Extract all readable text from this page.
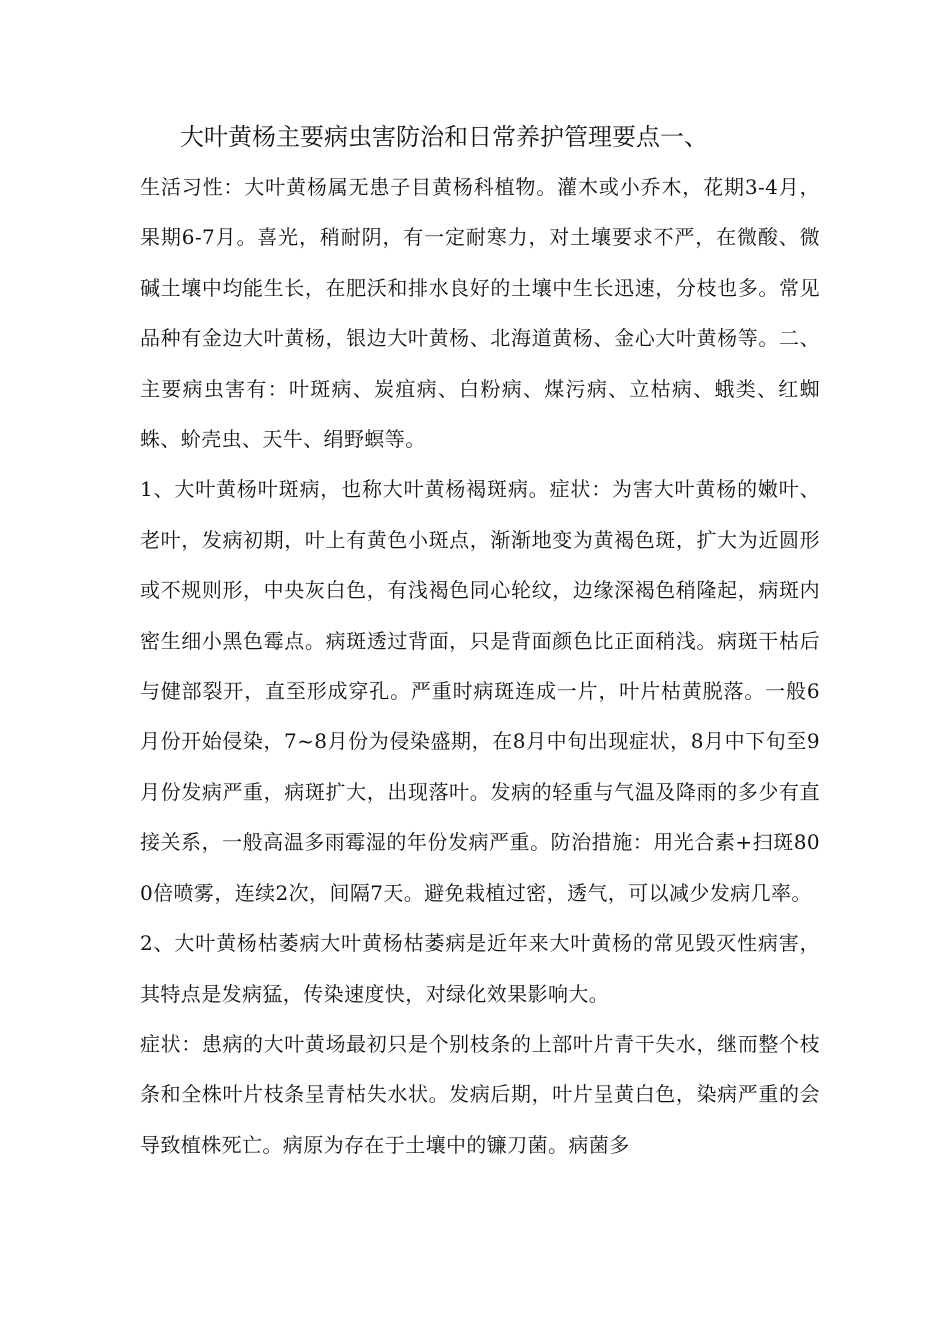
大叶黄杨主要病虫害防治和日常养护管理要点一、

生活习性：大叶黄杨属无患子目黄杨科植物。灌木或小乔木，花期3-4月，果期6-7月。喜光，稍耐阴，有一定耐寒力，对土壤要求不严，在微酸、微碱土壤中均能生长，在肥沃和排水良好的土壤中生长迅速，分枝也多。常见品种有金边大叶黄杨，银边大叶黄杨、北海道黄杨、金心大叶黄杨等。二、主要病虫害有：叶斑病、炭疽病、白粉病、煤污病、立枯病、蛾类、红蜘蛛、蚧壳虫、天牛、绢野螟等。

1、大叶黄杨叶斑病，也称大叶黄杨褐斑病。症状：为害大叶黄杨的嫩叶、老叶，发病初期，叶上有黄色小斑点，渐渐地变为黄褐色斑，扩大为近圆形或不规则形，中央灰白色，有浅褐色同心轮纹，边缘深褐色稍隆起，病斑内密生细小黑色霉点。病斑透过背面，只是背面颜色比正面稍浅。病斑干枯后与健部裂开，直至形成穿孔。严重时病斑连成一片，叶片枯黄脱落。一般6月份开始侵染，7~8月份为侵染盛期，在8月中旬出现症状，8月中下旬至9月份发病严重，病斑扩大，出现落叶。发病的轻重与气温及降雨的多少有直接关系，一般高温多雨霉湿的年份发病严重。防治措施：用光合素+扫斑800倍喷雾，连续2次，间隔7天。避免栽植过密，透气，可以减少发病几率。

2、大叶黄杨枯萎病大叶黄杨枯萎病是近年来大叶黄杨的常见毁灭性病害，其特点是发病猛，传染速度快，对绿化效果影响大。

症状：患病的大叶黄场最初只是个别枝条的上部叶片青干失水，继而整个枝条和全株叶片枝条呈青枯失水状。发病后期，叶片呈黄白色，染病严重的会导致植株死亡。病原为存在于土壤中的镰刀菌。病菌多
